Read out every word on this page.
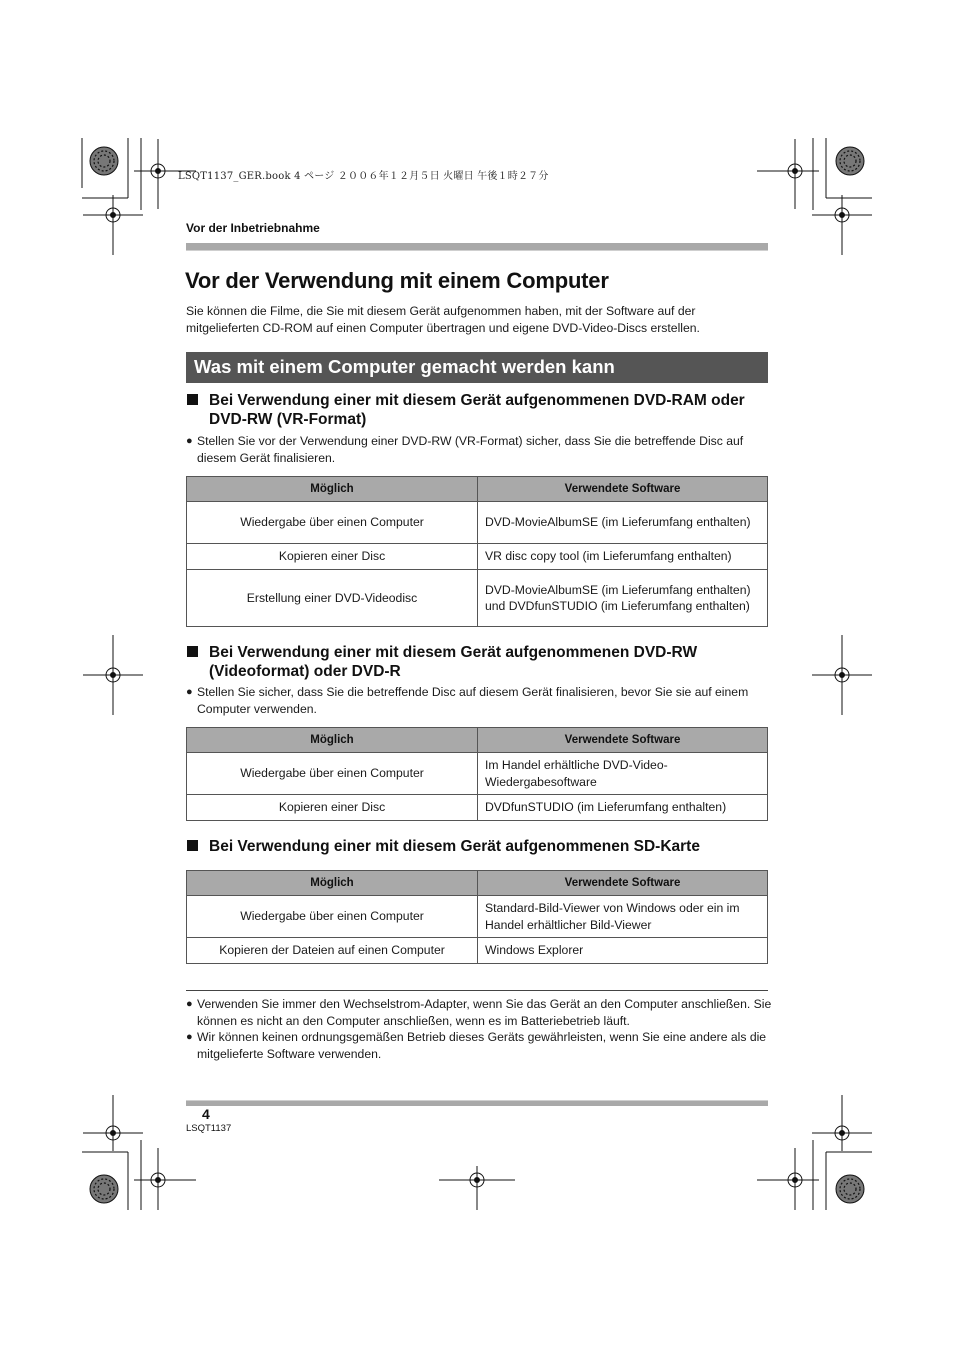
LSQT1137_GER.book 4 ページ ２００６年１２月５日 火曜日 午後１時２７分
Vor der Inbetriebnahme
Vor der Verwendung mit einem Computer

Sie können die Filme, die Sie mit diesem Gerät aufgenommen haben, mit der Software auf der mitgelieferten CD-ROM auf einen Computer übertragen und eigene DVD-Video-Discs erstellen.

Was mit einem Computer gemacht werden kann
Bei Verwendung einer mit diesem Gerät aufgenommenen DVD-RAM oder DVD-RW (VR-Format)

● Stellen Sie vor der Verwendung einer DVD-RW (VR-Format) sicher, dass Sie die betreffende Disc auf diesem Gerät finalisieren.

Möglich	Verwendete Software
Wiedergabe über einen Computer	DVD-MovieAlbumSE (im Lieferumfang enthalten)
Kopieren einer Disc	VR disc copy tool (im Lieferumfang enthalten)
Erstellung einer DVD-Videodisc	DVD-MovieAlbumSE (im Lieferumfang enthalten) und DVDfunSTUDIO (im Lieferumfang enthalten)
Bei Verwendung einer mit diesem Gerät aufgenommenen DVD-RW (Videoformat) oder DVD-R

● Stellen Sie sicher, dass Sie die betreffende Disc auf diesem Gerät finalisieren, bevor Sie sie auf einem Computer verwenden.

Möglich	Verwendete Software
Wiedergabe über einen Computer	Im Handel erhältliche DVD-Video-Wiedergabesoftware
Kopieren einer Disc	DVDfunSTUDIO (im Lieferumfang enthalten)
Bei Verwendung einer mit diesem Gerät aufgenommenen SD-Karte
Möglich	Verwendete Software
Wiedergabe über einen Computer	Standard-Bild-Viewer von Windows oder ein im Handel erhältlicher Bild-Viewer
Kopieren der Dateien auf einen Computer	Windows Explorer

● Verwenden Sie immer den Wechselstrom-Adapter, wenn Sie das Gerät an den Computer anschließen. Sie können es nicht an den Computer anschließen, wenn es im Batteriebetrieb läuft.

● Wir können keinen ordnungsgemäßen Betrieb dieses Geräts gewährleisten, wenn Sie eine andere als die mitgelieferte Software verwenden.

4
LSQT1137
